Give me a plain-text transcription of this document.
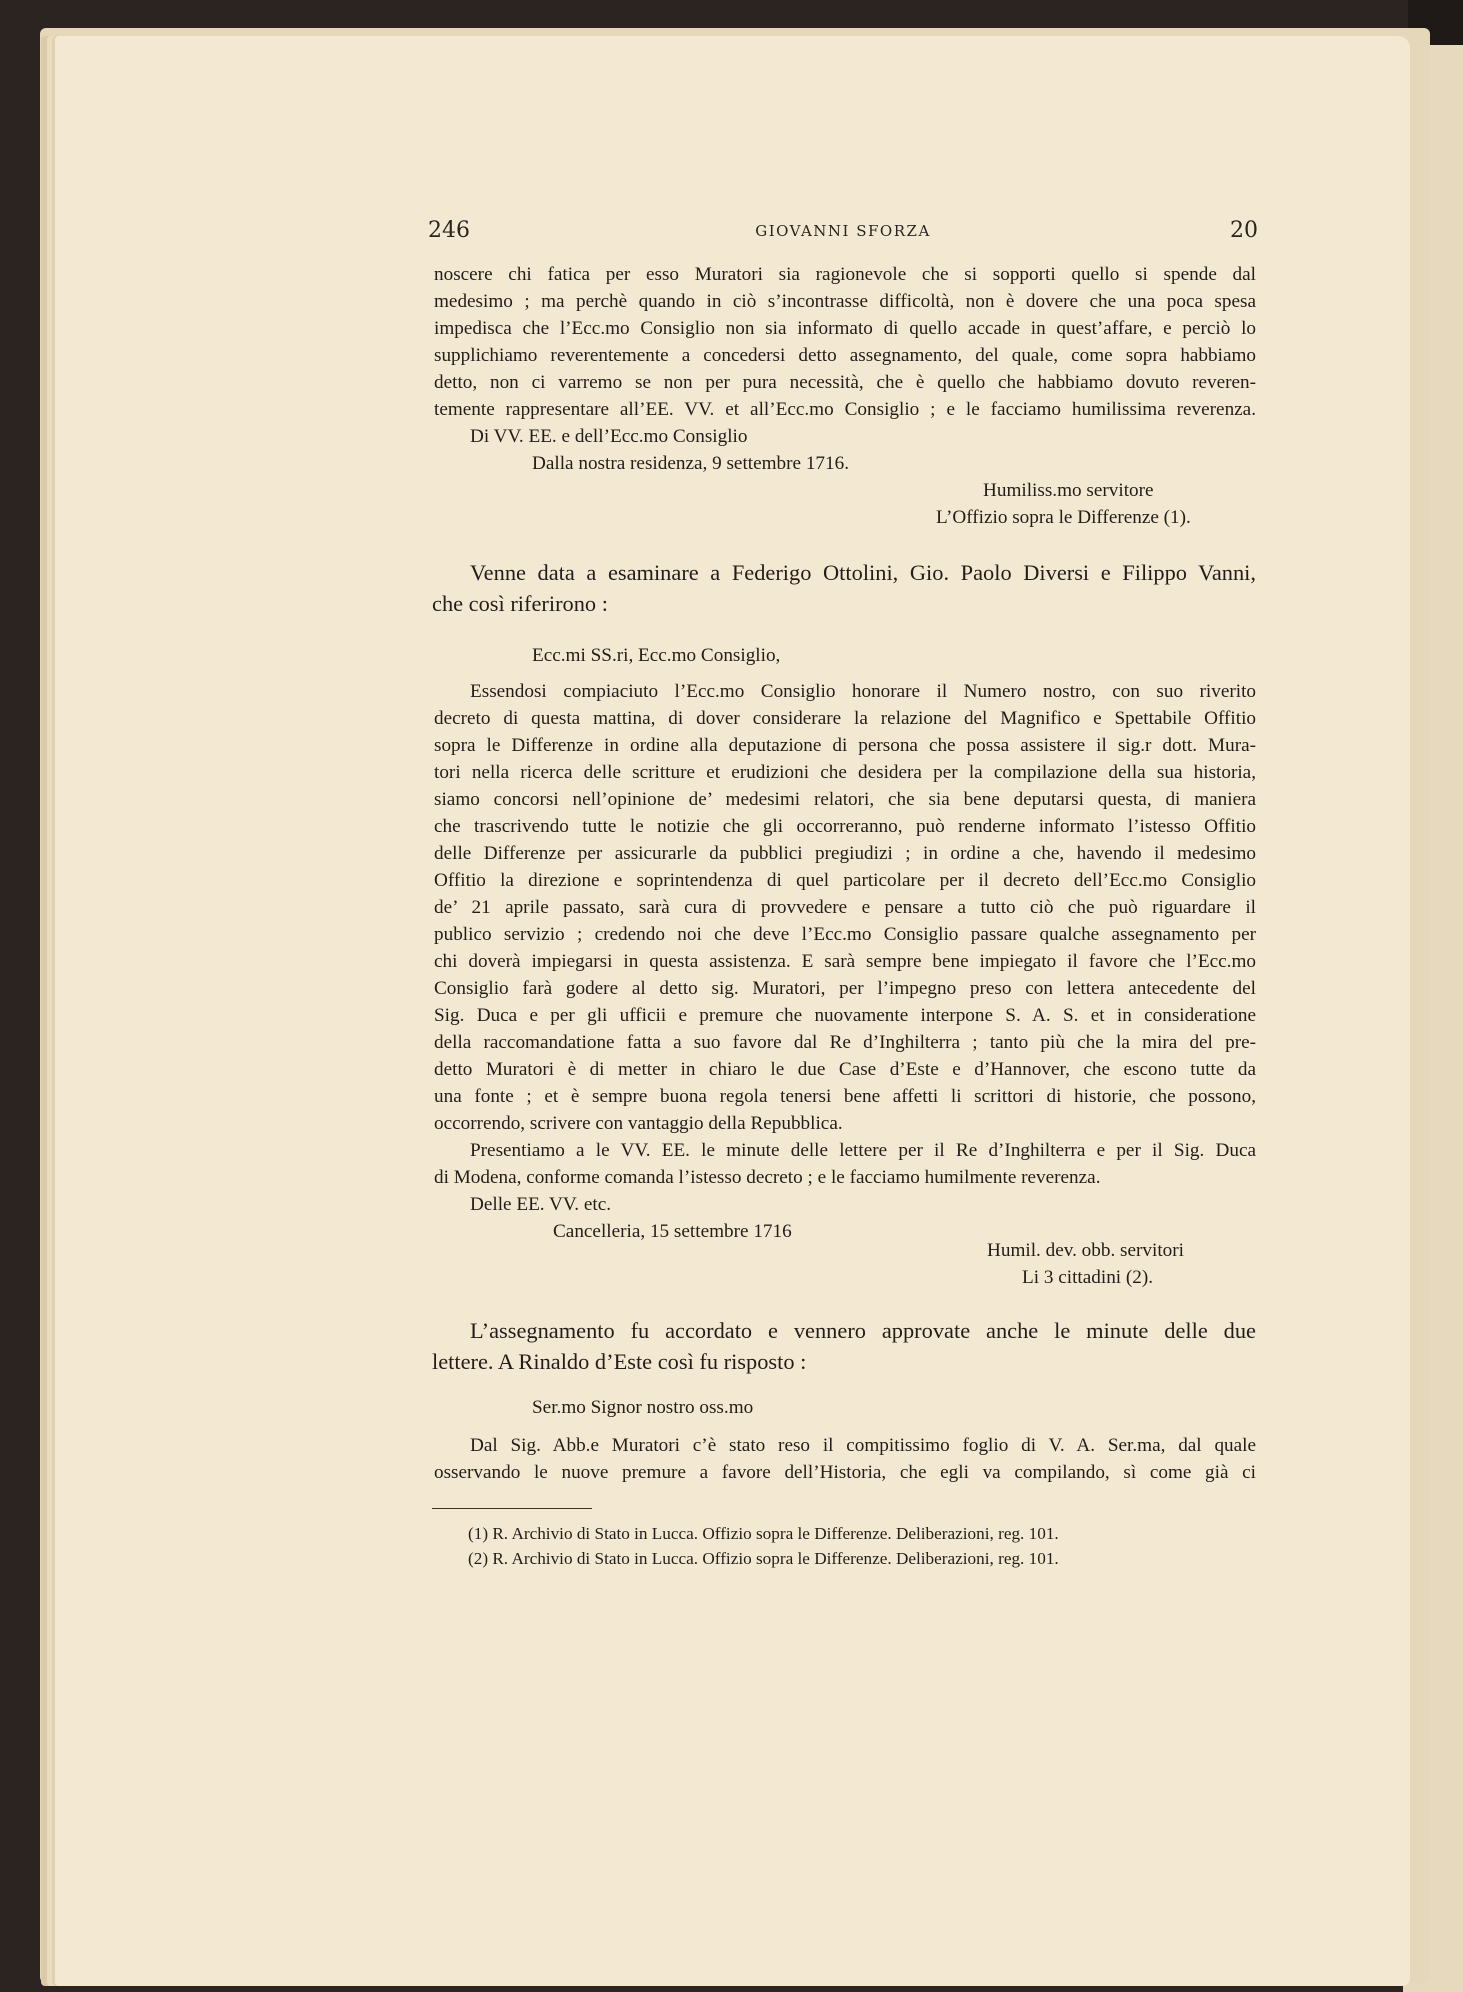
246	GIOVANNI SFORZA	20
noscere chi fatica per esso Muratori sia ragionevole che si sopporti quello si spende dal
medesimo ; ma perchè quando in ciò s’incontrasse difficoltà, non è dovere che una poca spesa
impedisca che l’Ecc.mo Consiglio non sia informato di quello accade in quest’affare, e perciò lo
supplichiamo reverentemente a concedersi detto assegnamento, del quale, come sopra habbiamo
detto, non ci varremo se non per pura necessità, che è quello che habbiamo dovuto reveren-
temente rappresentare all’EE. VV. et all’Ecc.mo Consiglio ; e le facciamo humilissima reverenza.
Di VV. EE. e dell’Ecc.mo Consiglio
Dalla nostra residenza, 9 settembre 1716.
Humiliss.mo servitore
L’Offizio sopra le Differenze (1).
Venne data a esaminare a Federigo Ottolini, Gio. Paolo Diversi e Filippo Vanni,
che così riferirono :
Ecc.mi SS.ri, Ecc.mo Consiglio,
Essendosi compiaciuto l’Ecc.mo Consiglio honorare il Numero nostro, con suo riverito
decreto di questa mattina, di dover considerare la relazione del Magnifico e Spettabile Offitio
sopra le Differenze in ordine alla deputazione di persona che possa assistere il sig.r dott. Mura-
tori nella ricerca delle scritture et erudizioni che desidera per la compilazione della sua historia,
siamo concorsi nell’opinione de’ medesimi relatori, che sia bene deputarsi questa, di maniera
che trascrivendo tutte le notizie che gli occorreranno, può renderne informato l’istesso Offitio
delle Differenze per assicurarle da pubblici pregiudizi ; in ordine a che, havendo il medesimo
Offitio la direzione e soprintendenza di quel particolare per il decreto dell’Ecc.mo Consiglio
de’ 21 aprile passato, sarà cura di provvedere e pensare a tutto ciò che può riguardare il
publico servizio ; credendo noi che deve l’Ecc.mo Consiglio passare qualche assegnamento per
chi doverà impiegarsi in questa assistenza. E sarà sempre bene impiegato il favore che l’Ecc.mo
Consiglio farà godere al detto sig. Muratori, per l’impegno preso con lettera antecedente del
Sig. Duca e per gli ufficii e premure che nuovamente interpone S. A. S. et in consideratione
della raccomandatione fatta a suo favore dal Re d’Inghilterra ; tanto più che la mira del pre-
detto Muratori è di metter in chiaro le due Case d’Este e d’Hannover, che escono tutte da
una fonte ; et è sempre buona regola tenersi bene affetti li scrittori di historie, che possono,
occorrendo, scrivere con vantaggio della Repubblica.
Presentiamo a le VV. EE. le minute delle lettere per il Re d’Inghilterra e per il Sig. Duca
di Modena, conforme comanda l’istesso decreto ; e le facciamo humilmente reverenza.
Delle EE. VV. etc.
Cancelleria, 15 settembre 1716
Humil. dev. obb. servitori
Li 3 cittadini (2).
L’assegnamento fu accordato e vennero approvate anche le minute delle due
lettere. A Rinaldo d’Este così fu risposto :
Ser.mo Signor nostro oss.mo
Dal Sig. Abb.e Muratori c’è stato reso il compitissimo foglio di V. A. Ser.ma, dal quale
osservando le nuove premure a favore dell’Historia, che egli va compilando, sì come già ci
(1) R. Archivio di Stato in Lucca. Offizio sopra le Differenze. Deliberazioni, reg. 101.
(2) R. Archivio di Stato in Lucca. Offizio sopra le Differenze. Deliberazioni, reg. 101.
